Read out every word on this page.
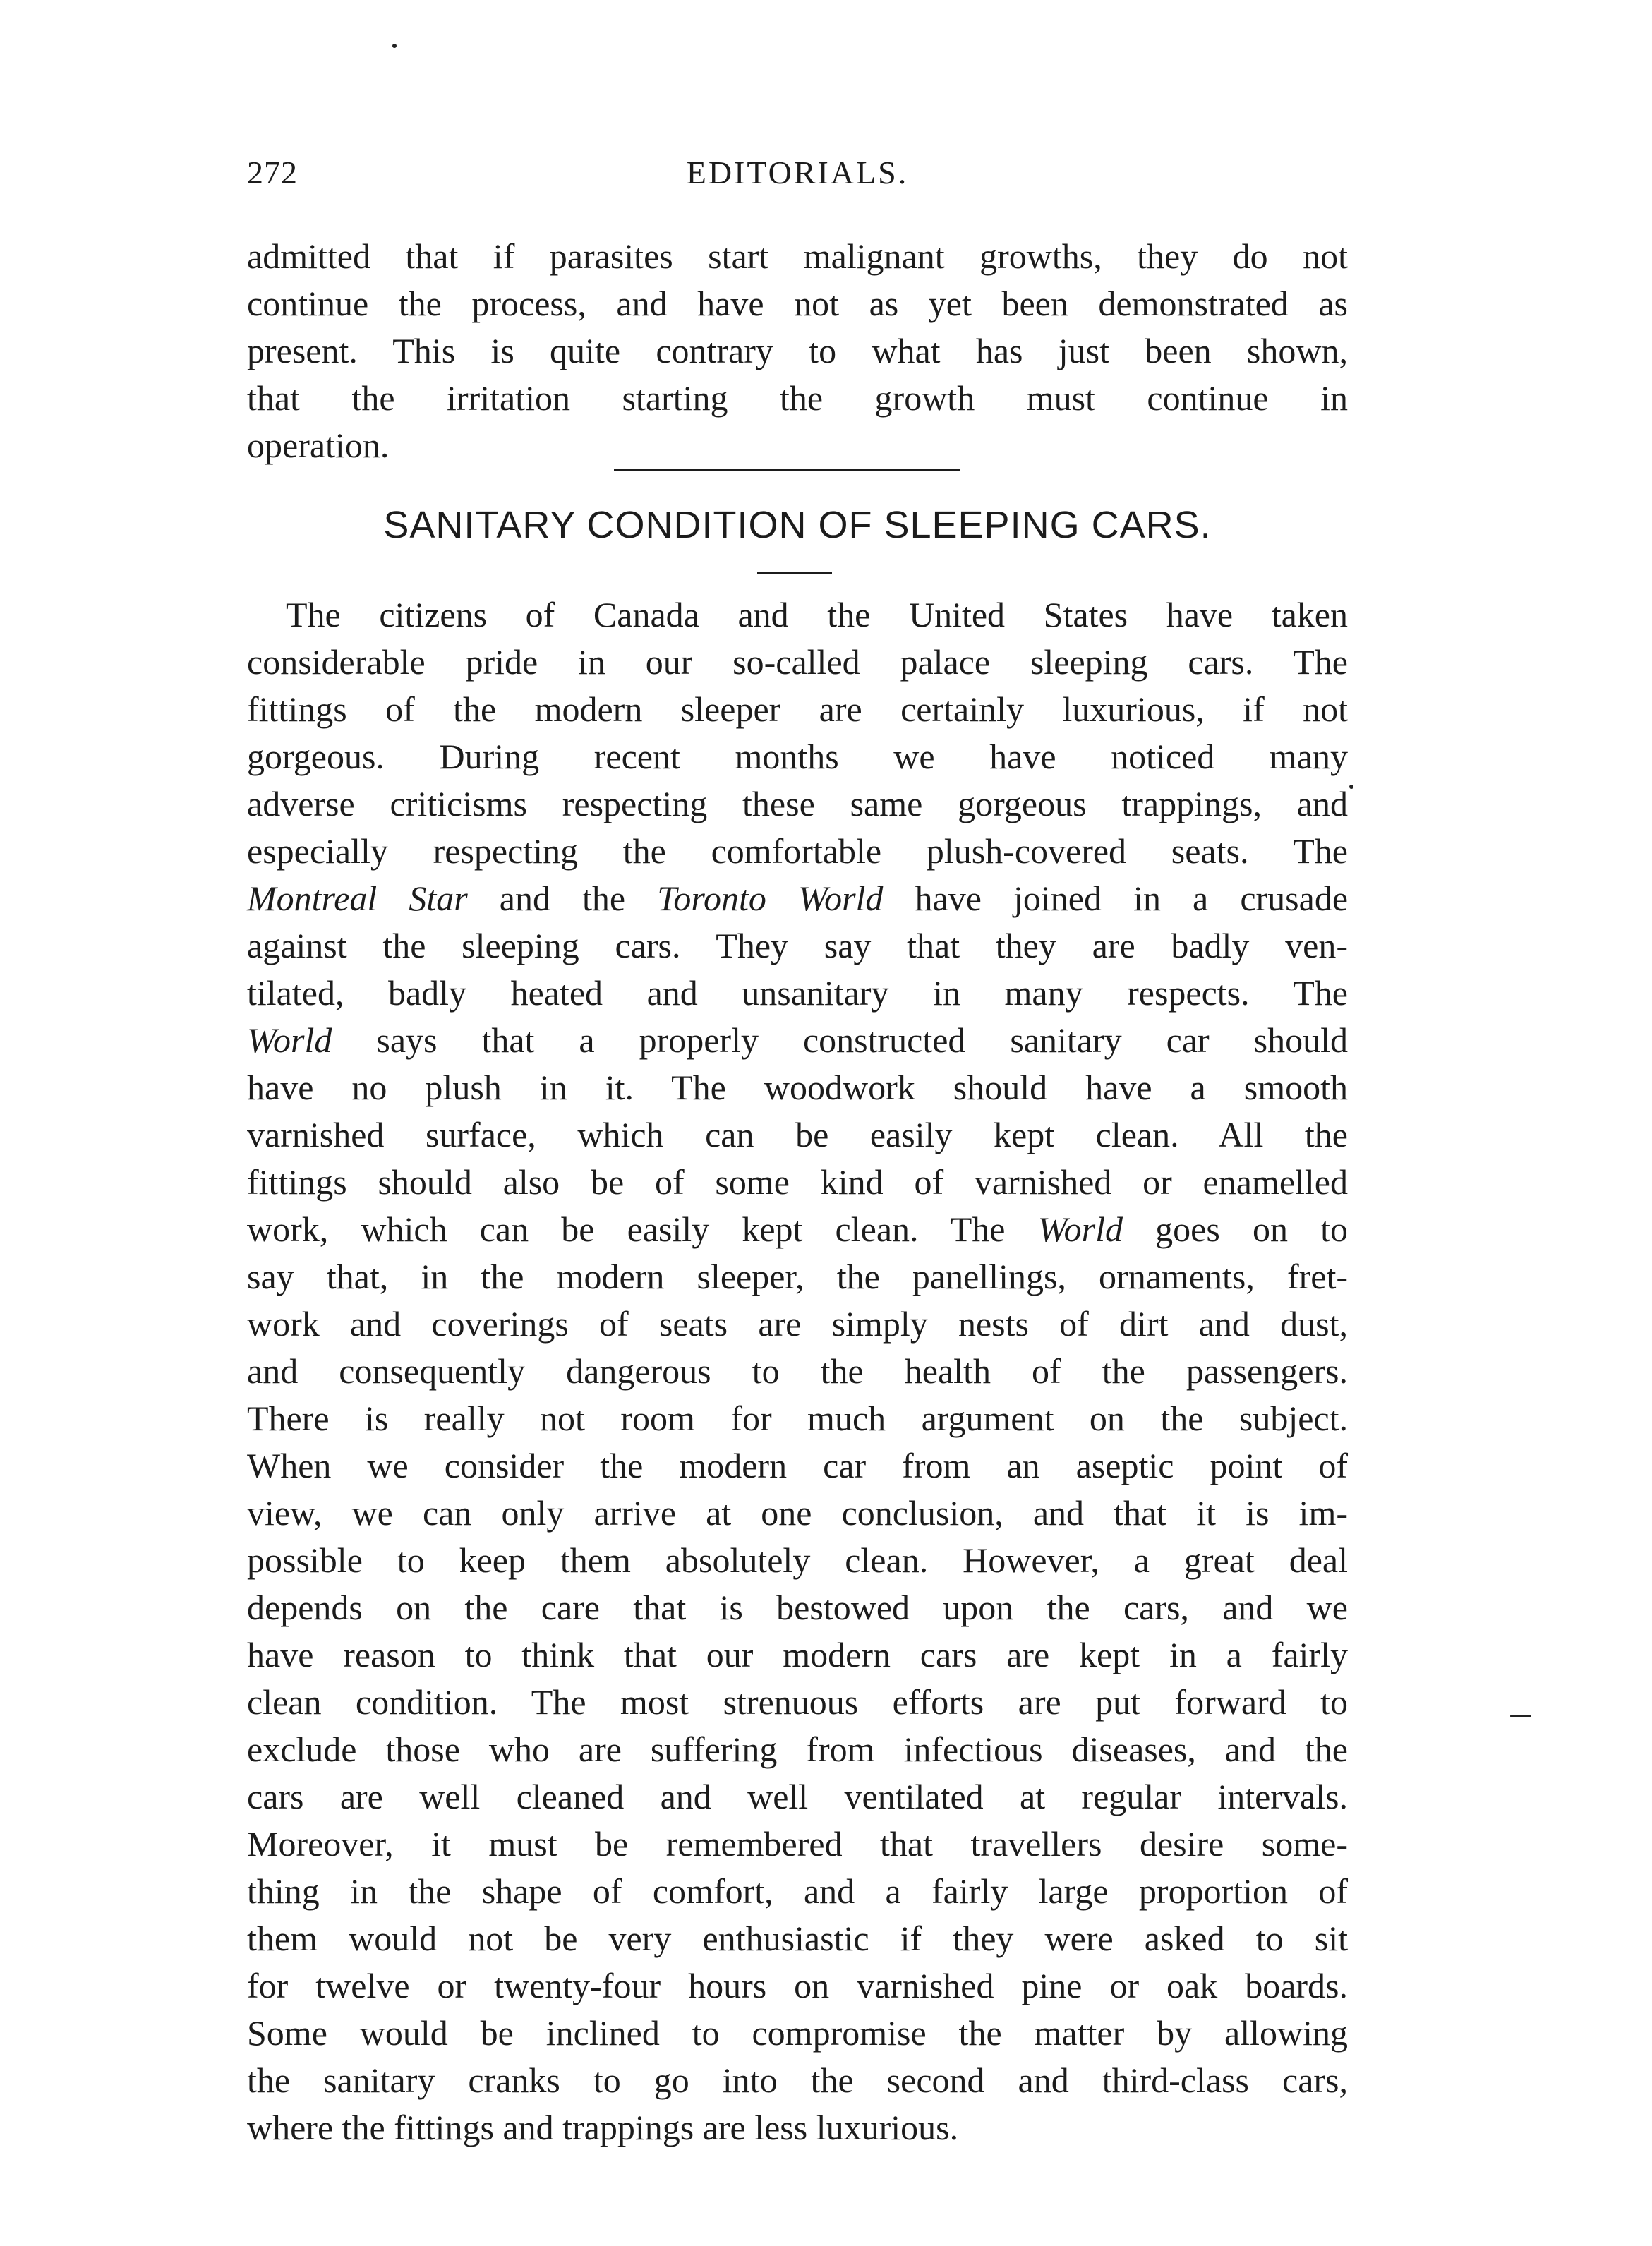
272	EDITORIALS.
admitted that if parasites start malignant growths, they do not
continue the process, and have not as yet been demonstrated as
present. This is quite contrary to what has just been shown,
that the irritation starting the growth must continue in
operation.
SANITARY CONDITION OF SLEEPING CARS.
The citizens of Canada and the United States have taken
considerable pride in our so-called palace sleeping cars. The
fittings of the modern sleeper are certainly luxurious, if not
gorgeous. During recent months we have noticed many
adverse criticisms respecting these same gorgeous trappings, and
especially respecting the comfortable plush-covered seats. The
Montreal Star and the Toronto World have joined in a crusade
against the sleeping cars. They say that they are badly ven-
tilated, badly heated and unsanitary in many respects. The
World says that a properly constructed sanitary car should
have no plush in it. The woodwork should have a smooth
varnished surface, which can be easily kept clean. All the
fittings should also be of some kind of varnished or enamelled
work, which can be easily kept clean. The World goes on to
say that, in the modern sleeper, the panellings, ornaments, fret-
work and coverings of seats are simply nests of dirt and dust,
and consequently dangerous to the health of the passengers.
There is really not room for much argument on the subject.
When we consider the modern car from an aseptic point of
view, we can only arrive at one conclusion, and that it is im-
possible to keep them absolutely clean. However, a great deal
depends on the care that is bestowed upon the cars, and we
have reason to think that our modern cars are kept in a fairly
clean condition. The most strenuous efforts are put forward to
exclude those who are suffering from infectious diseases, and the
cars are well cleaned and well ventilated at regular intervals.
Moreover, it must be remembered that travellers desire some-
thing in the shape of comfort, and a fairly large proportion of
them would not be very enthusiastic if they were asked to sit
for twelve or twenty-four hours on varnished pine or oak boards.
Some would be inclined to compromise the matter by allowing
the sanitary cranks to go into the second and third-class cars,
where the fittings and trappings are less luxurious.
